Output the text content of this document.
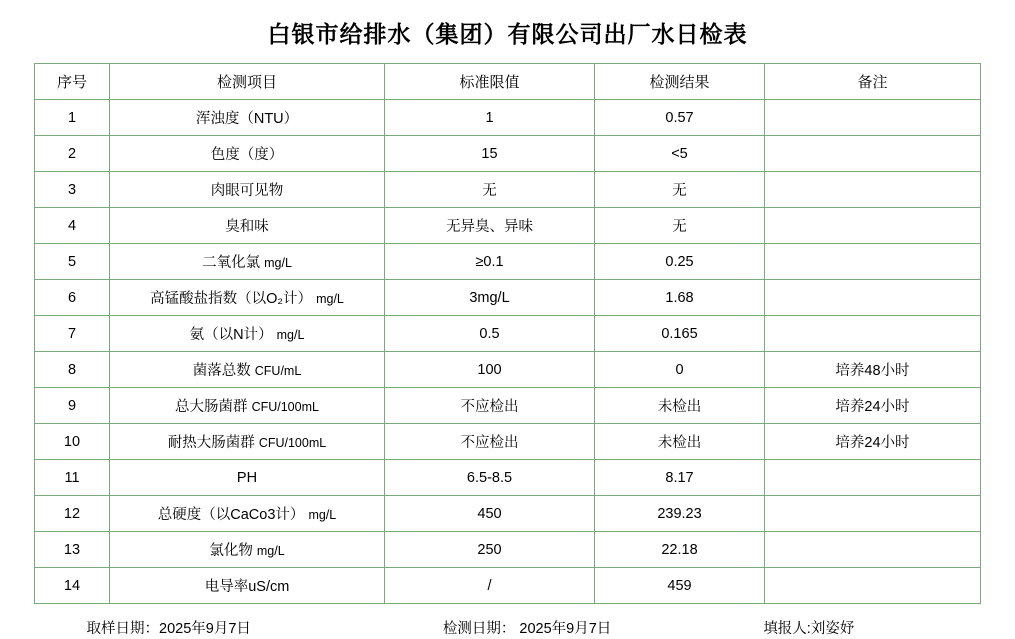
白银市给排水（集团）有限公司出厂水日检表
序号	检测项目	标准限值	检测结果	备注
1	浑浊度（NTU）	1	0.57	
2	色度（度）	15	<5	
3	肉眼可见物	无	无	
4	臭和味	无异臭、异味	无	
5	二氧化氯 mg/L	≥0.1	0.25	
6	高锰酸盐指数（以O₂计） mg/L	3mg/L	1.68	
7	氨（以N计） mg/L	0.5	0.165	
8	菌落总数 CFU/mL	100	0	培养48小时
9	总大肠菌群 CFU/100mL	不应检出	未检出	培养24小时
10	耐热大肠菌群 CFU/100mL	不应检出	未检出	培养24小时
11	PH	6.5-8.5	8.17	
12	总硬度（以CaCo3计） mg/L	450	239.23	
13	氯化物 mg/L	250	22.18	
14	电导率uS/cm	/	459	
取样日期：2025年9月7日	检测日期： 2025年9月7日	填报人:刘姿妤
